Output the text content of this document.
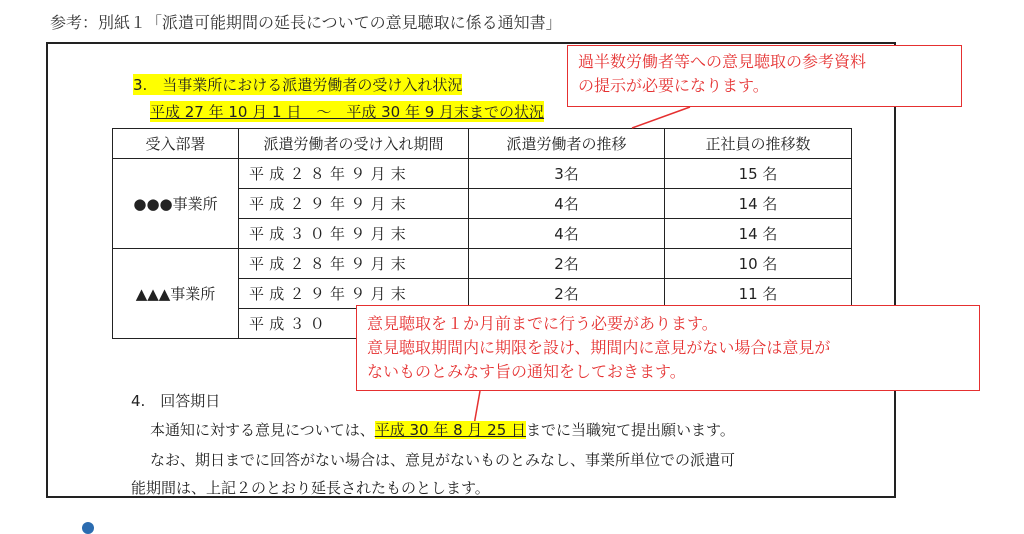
参考：別紙１「派遣可能期間の延長についての意見聴取に係る通知書」
3.　当事業所における派遣労働者の受け入れ状況
平成 27 年 10 月 1 日　～　平成 30 年 9 月末までの状況
受入部署	派遣労働者の受け入れ期間	派遣労働者の推移	正社員の推移数
●●●事業所	平成２８年９月末	3名	15 名
	平成２９年９月末	4名	14 名
	平成３０年９月末	4名	14 名
▲▲▲事業所	平成２８年９月末	2名	10 名
	平成２９年９月末	2名	11 名
	平成３０		
過半数労働者等への意見聴取の参考資料
の提示が必要になります。
意見聴取を１か月前までに行う必要があります。
意見聴取期間内に期限を設け、期間内に意見がない場合は意見が
ないものとみなす旨の通知をしておきます。
4.　回答期日
本通知に対する意見については、平成 30 年 8 月 25 日までに当職宛て提出願います。
なお、期日までに回答がない場合は、意見がないものとみなし、事業所単位での派遣可
能期間は、上記２のとおり延長されたものとします。
